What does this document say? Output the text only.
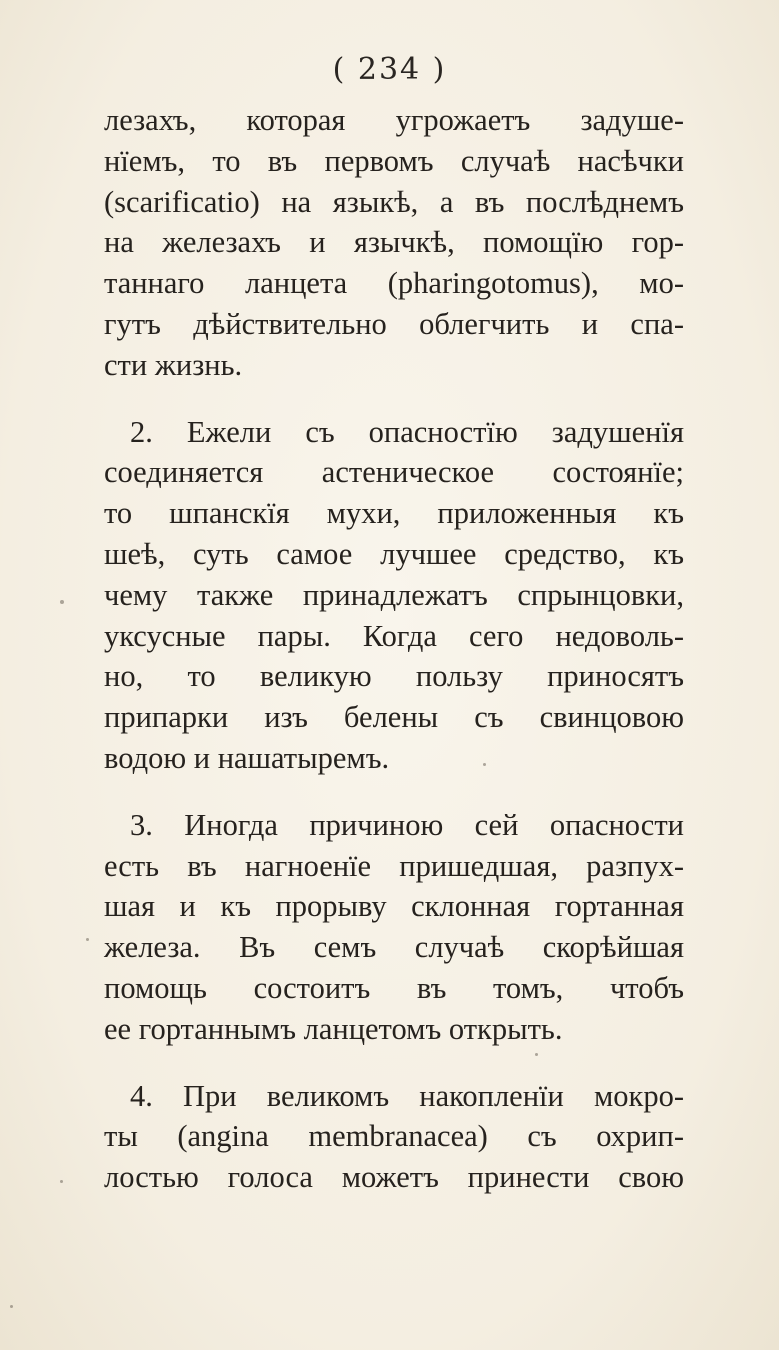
( 234 )
лезахъ, которая угрожаетъ задуше-
нïемъ, то въ первомъ случаѣ насѣчки
(scarificatio) на языкѣ, а въ послѣднемъ
на железахъ и язычкѣ, помощïю гор-
таннаго ланцета (pharingotomus), мо-
гутъ дѣйствительно облегчить и спа-
сти жизнь.
2. Ежели съ опасностïю задушенïя
соединяется астеническое состоянïе;
то шпанскïя мухи, приложенныя къ
шеѣ, суть самое лучшее средство, къ
чему также принадлежатъ спрынцовки,
уксусные пары. Когда сего недоволь-
но, то великую пользу приносятъ
припарки изъ белены съ свинцовою
водою и нашатыремъ.
3. Иногда причиною сей опасности
есть въ нагноенïе пришедшая, разпух-
шая и къ прорыву склонная гортанная
железа. Въ семъ случаѣ скорѣйшая
помощь состоитъ въ томъ, чтобъ
ее гортаннымъ ланцетомъ открыть.
4. При великомъ накопленïи мокро-
ты (angina membranacea) съ охрип-
лостью голоса можетъ принести свою
